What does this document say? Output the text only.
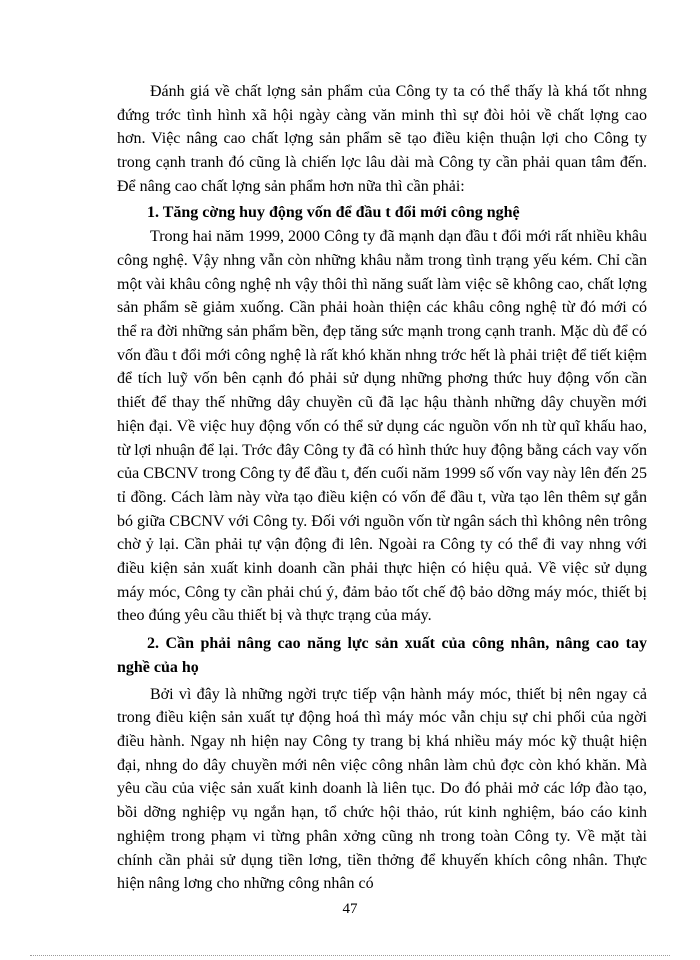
Đánh giá về chất lợng sản phẩm của Công ty ta có thể thấy là khá tốt nhng đứng trớc tình hình xã hội ngày càng văn minh thì sự đòi hỏi về chất lợng cao hơn. Việc nâng cao chất lợng sản phẩm sẽ tạo điều kiện thuận lợi cho Công ty trong cạnh tranh đó cũng là chiến lợc lâu dài mà Công ty cần phải quan tâm đến. Để nâng cao chất lợng sản phẩm hơn nữa thì cần phải:

1. Tăng cờng huy động vốn để đầu t đổi mới công nghệ

Trong hai năm 1999, 2000 Công ty đã mạnh dạn đầu t đổi mới rất nhiều khâu công nghệ. Vậy nhng vẫn còn những khâu nằm trong tình trạng yếu kém. Chỉ cần một vài khâu công nghệ nh vậy thôi thì năng suất làm việc sẽ không cao, chất lợng sản phẩm sẽ giảm xuống. Cần phải hoàn thiện các khâu công nghệ từ đó mới có thể ra đời những sản phẩm bền, đẹp tăng sức mạnh trong cạnh tranh. Mặc dù để có vốn đầu t đổi mới công nghệ là rất khó khăn nhng trớc hết là phải triệt để tiết kiệm để tích luỹ vốn bên cạnh đó phải sử dụng những phơng thức huy động vốn cần thiết để thay thế những dây chuyền cũ đã lạc hậu thành những dây chuyền mới hiện đại. Về việc huy động vốn có thể sử dụng các nguồn vốn nh từ quĩ khấu hao, từ lợi nhuận để lại. Trớc đây Công ty đã có hình thức huy động bằng cách vay vốn của CBCNV trong Công ty để đầu t, đến cuối năm 1999 số vốn vay này lên đến 25 tỉ đồng. Cách làm này vừa tạo điều kiện có vốn để đầu t, vừa tạo lên thêm sự gắn bó giữa CBCNV với Công ty. Đối với nguồn vốn từ ngân sách thì không nên trông chờ ỷ lại. Cần phải tự vận động đi lên. Ngoài ra Công ty có thể đi vay nhng với điều kiện sản xuất kinh doanh cần phải thực hiện có hiệu quả. Về việc sử dụng máy móc, Công ty cần phải chú ý, đảm bảo tốt chế độ bảo dỡng máy móc, thiết bị theo đúng yêu cầu thiết bị và thực trạng của máy.

2. Cần phải nâng cao năng lực sản xuất của công nhân, nâng cao tay nghề của họ

Bởi vì đây là những ngời trực tiếp vận hành máy móc, thiết bị nên ngay cả trong điều kiện sản xuất tự động hoá thì máy móc vẫn chịu sự chi phối của ngời điều hành. Ngay nh hiện nay Công ty trang bị khá nhiều máy móc kỹ thuật hiện đại, nhng do dây chuyền mới nên việc công nhân làm chủ đợc còn khó khăn. Mà yêu cầu của việc sản xuất kinh doanh là liên tục. Do đó phải mở các lớp đào tạo, bồi dỡng nghiệp vụ ngắn hạn, tổ chức hội thảo, rút kinh nghiệm, báo cáo kinh nghiệm trong phạm vi từng phân xởng cũng nh trong toàn Công ty. Về mặt tài chính cần phải sử dụng tiền lơng, tiền thởng để khuyến khích công nhân. Thực hiện nâng lơng cho những công nhân có

47
